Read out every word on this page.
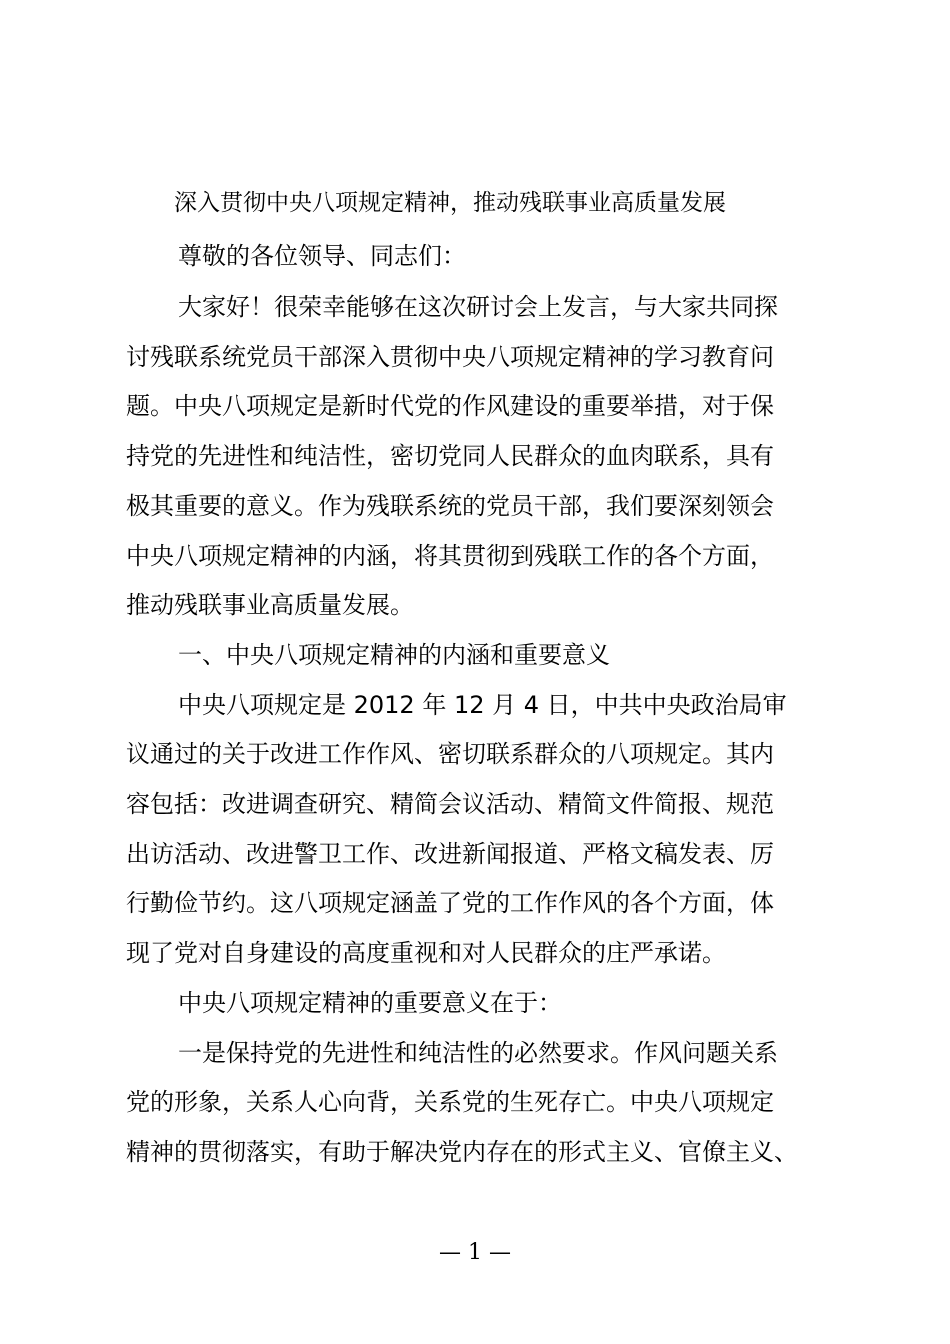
深入贯彻中央八项规定精神，推动残联事业高质量发展
尊敬的各位领导、同志们：
大家好！很荣幸能够在这次研讨会上发言，与大家共同探
讨残联系统党员干部深入贯彻中央八项规定精神的学习教育问
题。中央八项规定是新时代党的作风建设的重要举措，对于保
持党的先进性和纯洁性，密切党同人民群众的血肉联系，具有
极其重要的意义。作为残联系统的党员干部，我们要深刻领会
中央八项规定精神的内涵，将其贯彻到残联工作的各个方面，
推动残联事业高质量发展。
一、中央八项规定精神的内涵和重要意义
中央八项规定是 2012 年 12 月 4 日，中共中央政治局审
议通过的关于改进工作作风、密切联系群众的八项规定。其内
容包括：改进调查研究、精简会议活动、精简文件简报、规范
出访活动、改进警卫工作、改进新闻报道、严格文稿发表、厉
行勤俭节约。这八项规定涵盖了党的工作作风的各个方面，体
现了党对自身建设的高度重视和对人民群众的庄严承诺。
中央八项规定精神的重要意义在于：
一是保持党的先进性和纯洁性的必然要求。作风问题关系
党的形象，关系人心向背，关系党的生死存亡。中央八项规定
精神的贯彻落实，有助于解决党内存在的形式主义、官僚主义、
— 1 —
